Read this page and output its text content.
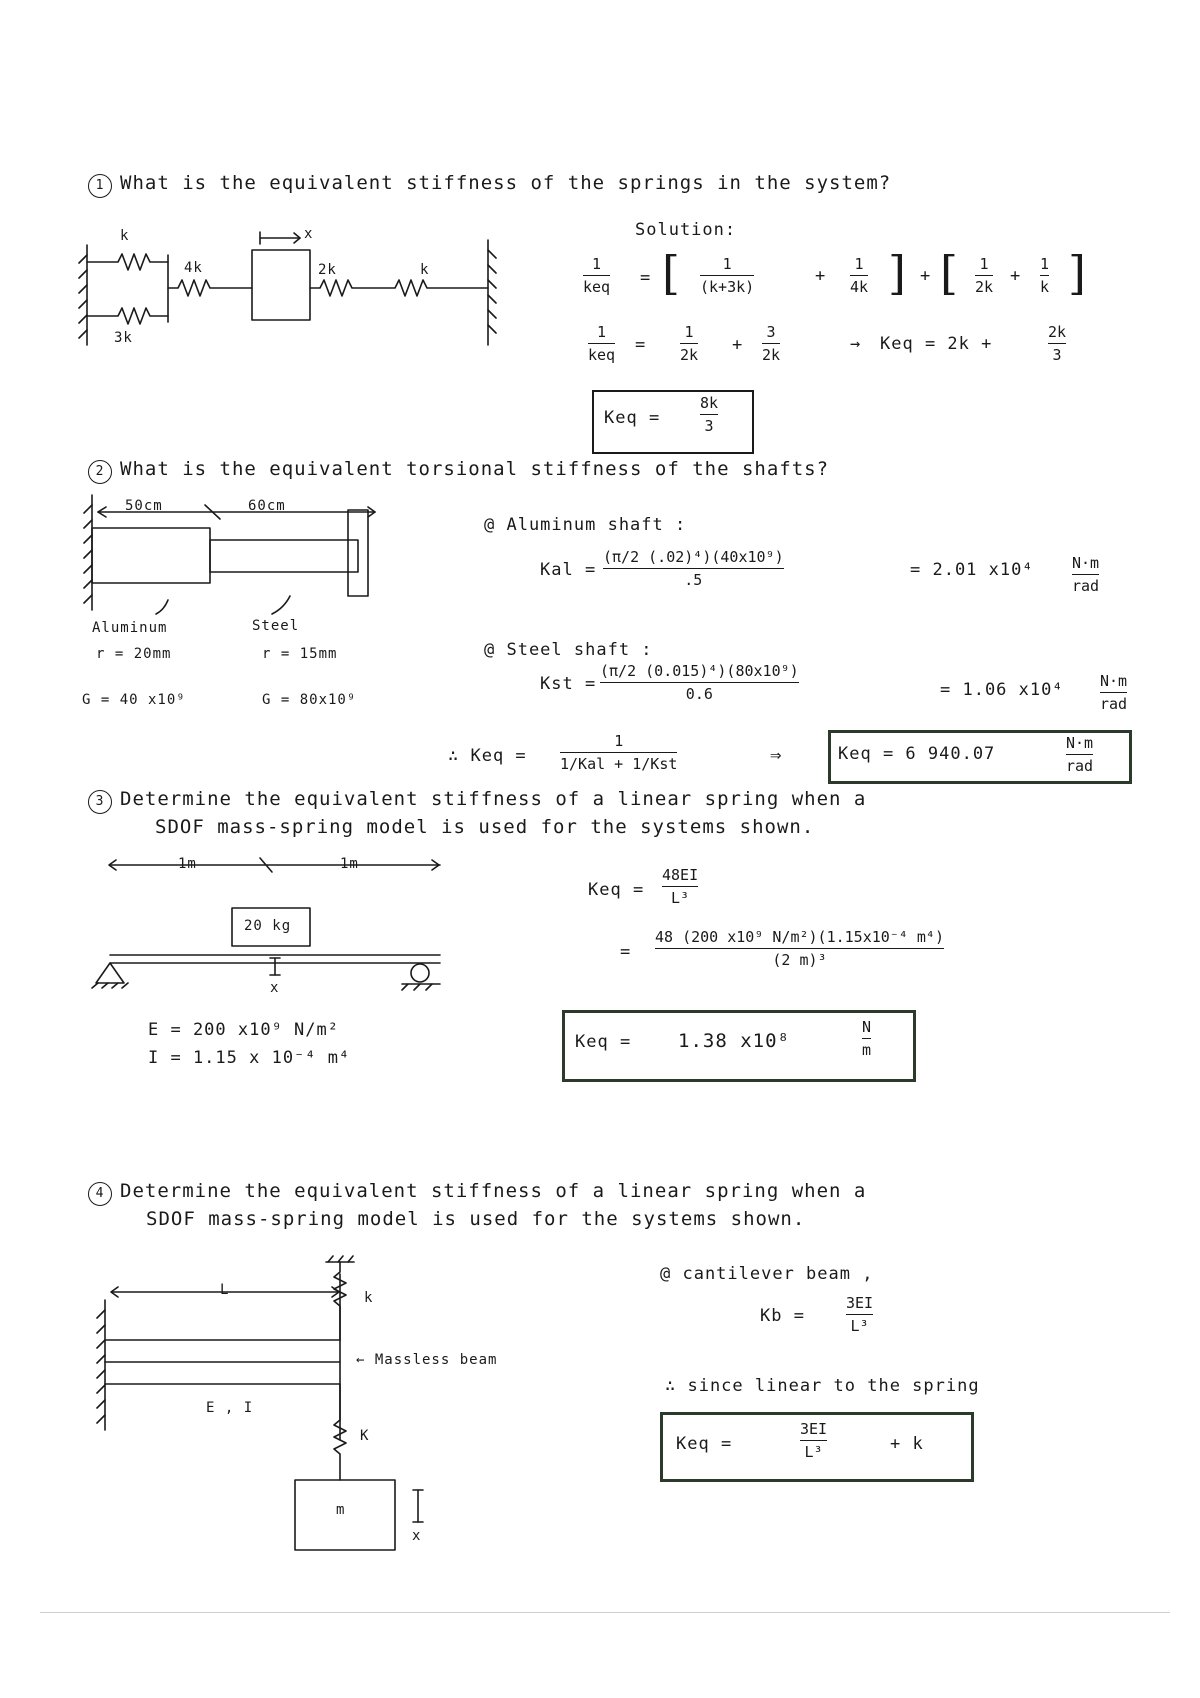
1 What is the equivalent stiffness of the springs in the system?
k
4k
3k
2k	k
x	Solution:
1
keq = [	1
(k+3k)
+
1
4k ] + [ 1
2k
+
1
k ]
1
keq =
1
2k +
3
2k
→ Keq = 2k +
2k
3
Keq =
8k
3
2 What is the equivalent torsional stiffness of the shafts?
50cm	60cm
Aluminum
r = 20mm
G = 40 x10⁹
Steel
r = 15mm
G = 80x10⁹
@ Aluminum shaft :
Kal =
(π/2 (.02)⁴)(40x10⁹)
.5	= 2.01 x10⁴	N·m
rad
@ Steel shaft :
Kst =
(π/2 (0.015)⁴)(80x10⁹)
0.6	= 1.06 x10⁴ N·m
rad
∴ Keq =
1
1/Kal + 1/Kst	⇒	Keq = 6 940.07
N·m
rad
3 Determine the equivalent stiffness of a linear spring when a
SDOF mass-spring model is used for the systems shown.
1m	1m
20 kg
x
E = 200 x10⁹ N/m²
I = 1.15 x 10⁻⁴ m⁴
Keq =
48EI
L³
=
48 (200 x10⁹ N/m²)(1.15x10⁻⁴ m⁴)
(2 m)³
Keq = 1.38 x10⁸
N
m
4 Determine the equivalent stiffness of a linear spring when a
SDOF mass-spring model is used for the systems shown.
L	k
K
← Massless beam
E , I
m
x
@ cantilever beam ,
Kb =
3EI
L³
∴ since linear to the spring
Keq =
3EI
L³	+ k
